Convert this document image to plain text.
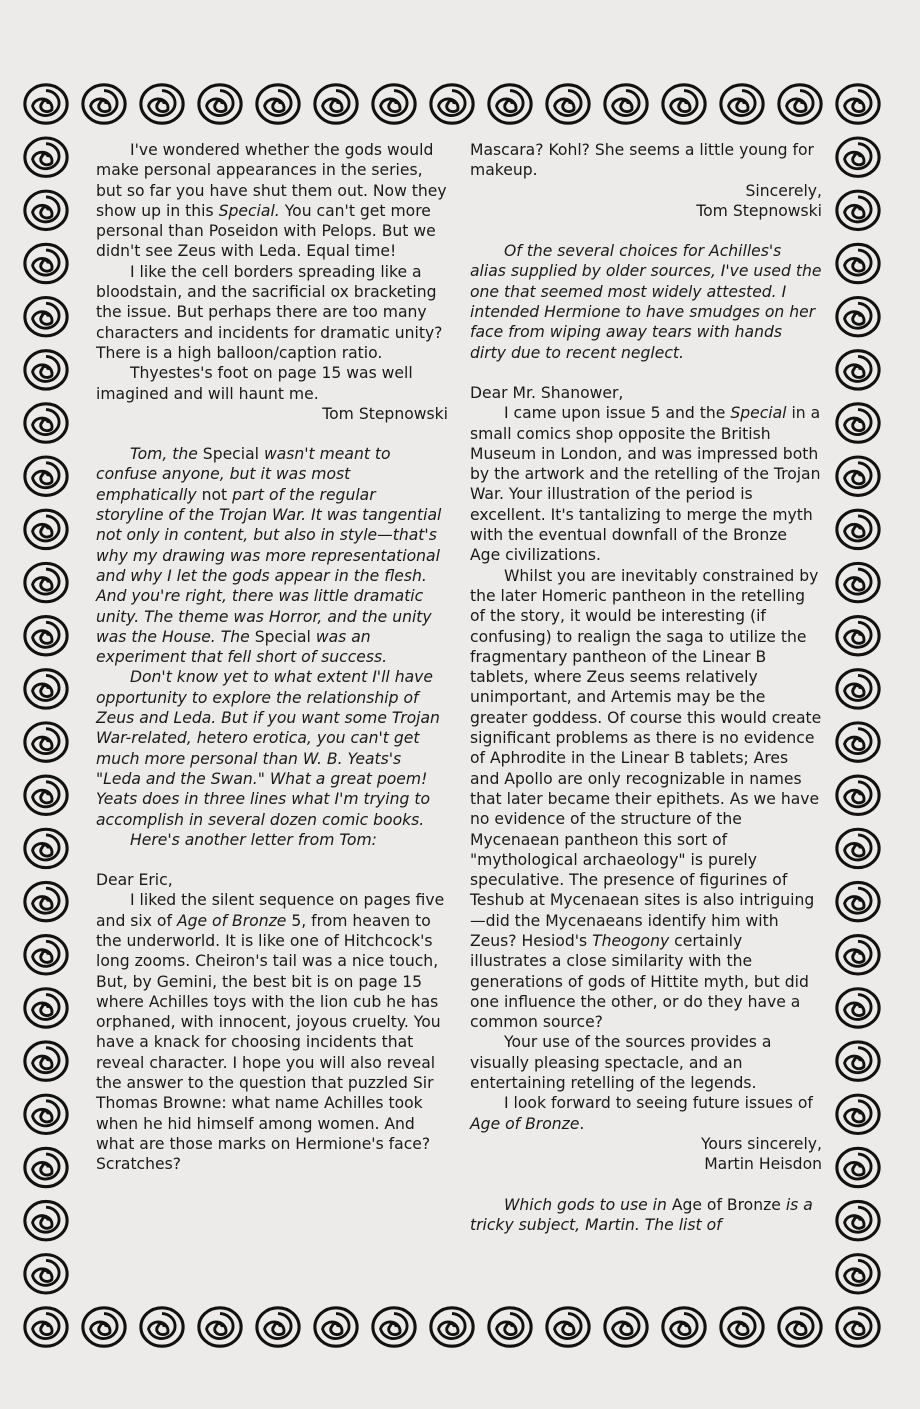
I've wondered whether the gods would make personal appearances in the series, but so far you have shut them out. Now they show up in this Special. You can't get more personal than Poseidon with Pelops. But we didn't see Zeus with Leda. Equal time!

I like the cell borders spreading like a bloodstain, and the sacrificial ox bracketing the issue. But perhaps there are too many characters and incidents for dramatic unity? There is a high balloon/caption ratio.

Thyestes's foot on page 15 was well imagined and will haunt me.

Tom Stepnowski

Tom, the Special wasn't meant to confuse anyone, but it was most emphatically not part of the regular storyline of the Trojan War. It was tangential not only in content, but also in style—that's why my drawing was more representational and why I let the gods appear in the flesh. And you're right, there was little dramatic unity. The theme was Horror, and the unity was the House. The Special was an experiment that fell short of success.

Don't know yet to what extent I'll have opportunity to explore the relationship of Zeus and Leda. But if you want some Trojan War-related, hetero erotica, you can't get much more personal than W. B. Yeats's "Leda and the Swan." What a great poem! Yeats does in three lines what I'm trying to accomplish in several dozen comic books.

Here's another letter from Tom:

Dear Eric,

I liked the silent sequence on pages five and six of Age of Bronze 5, from heaven to the underworld. It is like one of Hitchcock's long zooms. Cheiron's tail was a nice touch, But, by Gemini, the best bit is on page 15 where Achilles toys with the lion cub he has orphaned, with innocent, joyous cruelty. You have a knack for choosing incidents that reveal character. I hope you will also reveal the answer to the question that puzzled Sir Thomas Browne: what name Achilles took when he hid himself among women. And what are those marks on Hermione's face? Scratches?

Mascara? Kohl? She seems a little young for makeup.

Sincerely,

Tom Stepnowski

Of the several choices for Achilles's alias supplied by older sources, I've used the one that seemed most widely attested. I intended Hermione to have smudges on her face from wiping away tears with hands dirty due to recent neglect.

Dear Mr. Shanower,

I came upon issue 5 and the Special in a small comics shop opposite the British Museum in London, and was impressed both by the artwork and the retelling of the Trojan War. Your illustration of the period is excellent. It's tantalizing to merge the myth with the eventual downfall of the Bronze Age civilizations.

Whilst you are inevitably constrained by the later Homeric pantheon in the retelling of the story, it would be interesting (if confusing) to realign the saga to utilize the fragmentary pantheon of the Linear B tablets, where Zeus seems relatively unimportant, and Artemis may be the greater goddess. Of course this would create significant problems as there is no evidence of Aphrodite in the Linear B tablets; Ares and Apollo are only recognizable in names that later became their epithets. As we have no evidence of the structure of the Mycenaean pantheon this sort of "mythological archaeology" is purely speculative. The presence of figurines of Teshub at Mycenaean sites is also intriguing—did the Mycenaeans identify him with Zeus? Hesiod's Theogony certainly illustrates a close similarity with the generations of gods of Hittite myth, but did one influence the other, or do they have a common source?

Your use of the sources provides a visually pleasing spectacle, and an entertaining retelling of the legends.

I look forward to seeing future issues of Age of Bronze.

Yours sincerely,

Martin Heisdon

Which gods to use in Age of Bronze is a tricky subject, Martin. The list of
